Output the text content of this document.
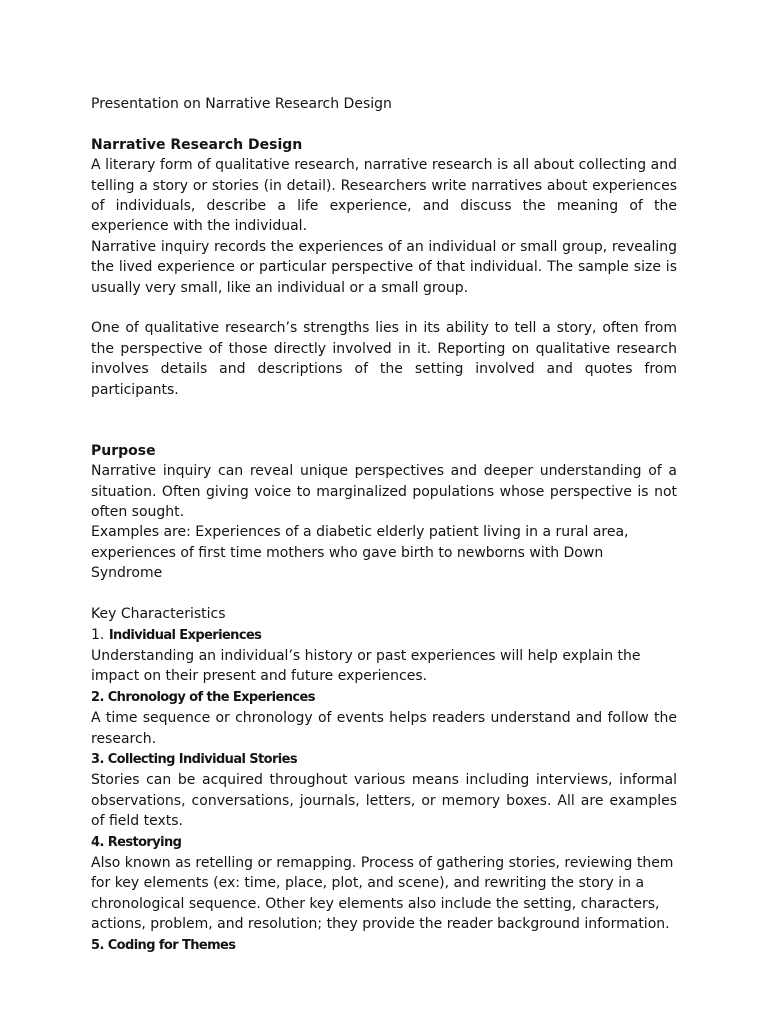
Presentation on Narrative Research Design

Narrative Research Design

A literary form of qualitative research, narrative research is all about collecting and telling a story or stories (in detail). Researchers write narratives about experiences of individuals, describe a life experience, and discuss the meaning of the experience with the individual.

Narrative inquiry records the experiences of an individual or small group, revealing the lived experience or particular perspective of that individual. The sample size is usually very small, like an individual or a small group.

One of qualitative research’s strengths lies in its ability to tell a story, often from the perspective of those directly involved in it. Reporting on qualitative research involves details and descriptions of the setting involved and quotes from participants.

Purpose

Narrative inquiry can reveal unique perspectives and deeper understanding of a situation. Often giving voice to marginalized populations whose perspective is not often sought.

Examples are: Experiences of a diabetic elderly patient living in a rural area, experiences of first time mothers who gave birth to newborns with Down Syndrome

Key Characteristics

1. Individual Experiences

Understanding an individual’s history or past experiences will help explain the impact on their present and future experiences.

2. Chronology of the Experiences

A time sequence or chronology of events helps readers understand and follow the research.

3. Collecting Individual Stories

Stories can be acquired throughout various means including interviews, informal observations, conversations, journals, letters, or memory boxes. All are examples of field texts.

4. Restorying

Also known as retelling or remapping. Process of gathering stories, reviewing them for key elements (ex: time, place, plot, and scene), and rewriting the story in a chronological sequence. Other key elements also include the setting, characters, actions, problem, and resolution; they provide the reader background information.

5. Coding for Themes
